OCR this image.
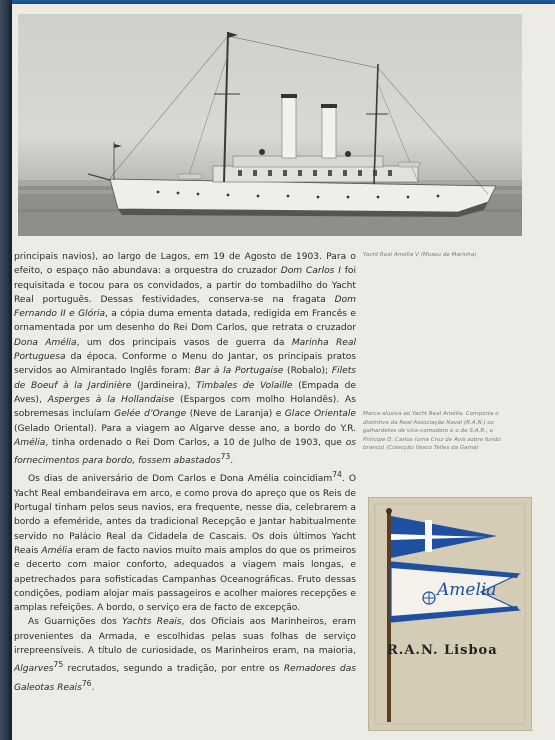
principais navios), ao largo de Lagos, em 19 de Agosto de 1903. Para o efeito, o espaço não abundava: a orquestra do cruzador Dom Carlos I foi requisitada e tocou para os convidados, a partir do tombadilho do Yacht Real português. Dessas festividades, conserva-se na fragata Dom Fernando II e Glória, a cópia duma ementa datada, redigida em Francês e ornamentada por um desenho do Rei Dom Carlos, que retrata o cruzador Dona Amélia, um dos principais vasos de guerra da Marinha Real Portuguesa da época. Conforme o Menu do Jantar, os principais pratos servidos ao Almirantado Inglês foram: Bar à la Portugaise (Robalo); Filets de Boeuf à la Jardinière (Jardineira), Timbales de Volaille (Empada de Aves), Asperges à la Hollandaise (Espargos com molho Holandês). As sobremesas incluíam Gelée d’Orange (Neve de Laranja) e Glace Orientale (Gelado Oriental). Para a viagem ao Algarve desse ano, a bordo do Y.R. Amélia, tinha ordenado o Rei Dom Carlos, a 10 de Julho de 1903, que os fornecimentos para bordo, fossem abastados$^{73}$.

Os dias de aniversário de Dom Carlos e Dona Amélia coincidiam$^{74}$. O Yacht Real embandeirava em arco, e como prova do apreço que os Reis de Portugal tinham pelos seus navios, era frequente, nesse dia, celebrarem a bordo a efeméride, antes da tradicional Recepção e Jantar habitualmente servido no Palácio Real da Cidadela de Cascais. Os dois últimos Yacht Reais Amélia eram de facto navios muito mais amplos do que os primeiros e decerto com maior conforto, adequados a viagem mais longas, e apetrechados para sofisticadas Campanhas Oceanográficas. Fruto dessas condições, podiam alojar mais passageiros e acolher maiores recepções e amplas refeições. A bordo, o serviço era de facto de excepção.

As Guarnições dos Yachts Reais, dos Oficiais aos Marinheiros, eram provenientes da Armada, e escolhidas pelas suas folhas de serviço irrepreensíveis. A título de curiosidade, os Marinheiros eram, na maioria, Algarves$^{75}$ recrutados, segundo a tradição, por entre os Remadores das Galeotas Reais$^{76}$.

Yacht Real Amélia V (Museu de Marinha)
Marca alusiva ao Yacht Real Amélia. Comporta o distintivo da Real Associação Naval (R.A.N.) os galhardetes de vice-comodoro e o de S.A.R., o Príncipe D. Carlos (uma Cruz de Avis sobre fundo branco) (Colecção Vasco Telles da Gama)
Amelia
R.A.N. Lisboa
